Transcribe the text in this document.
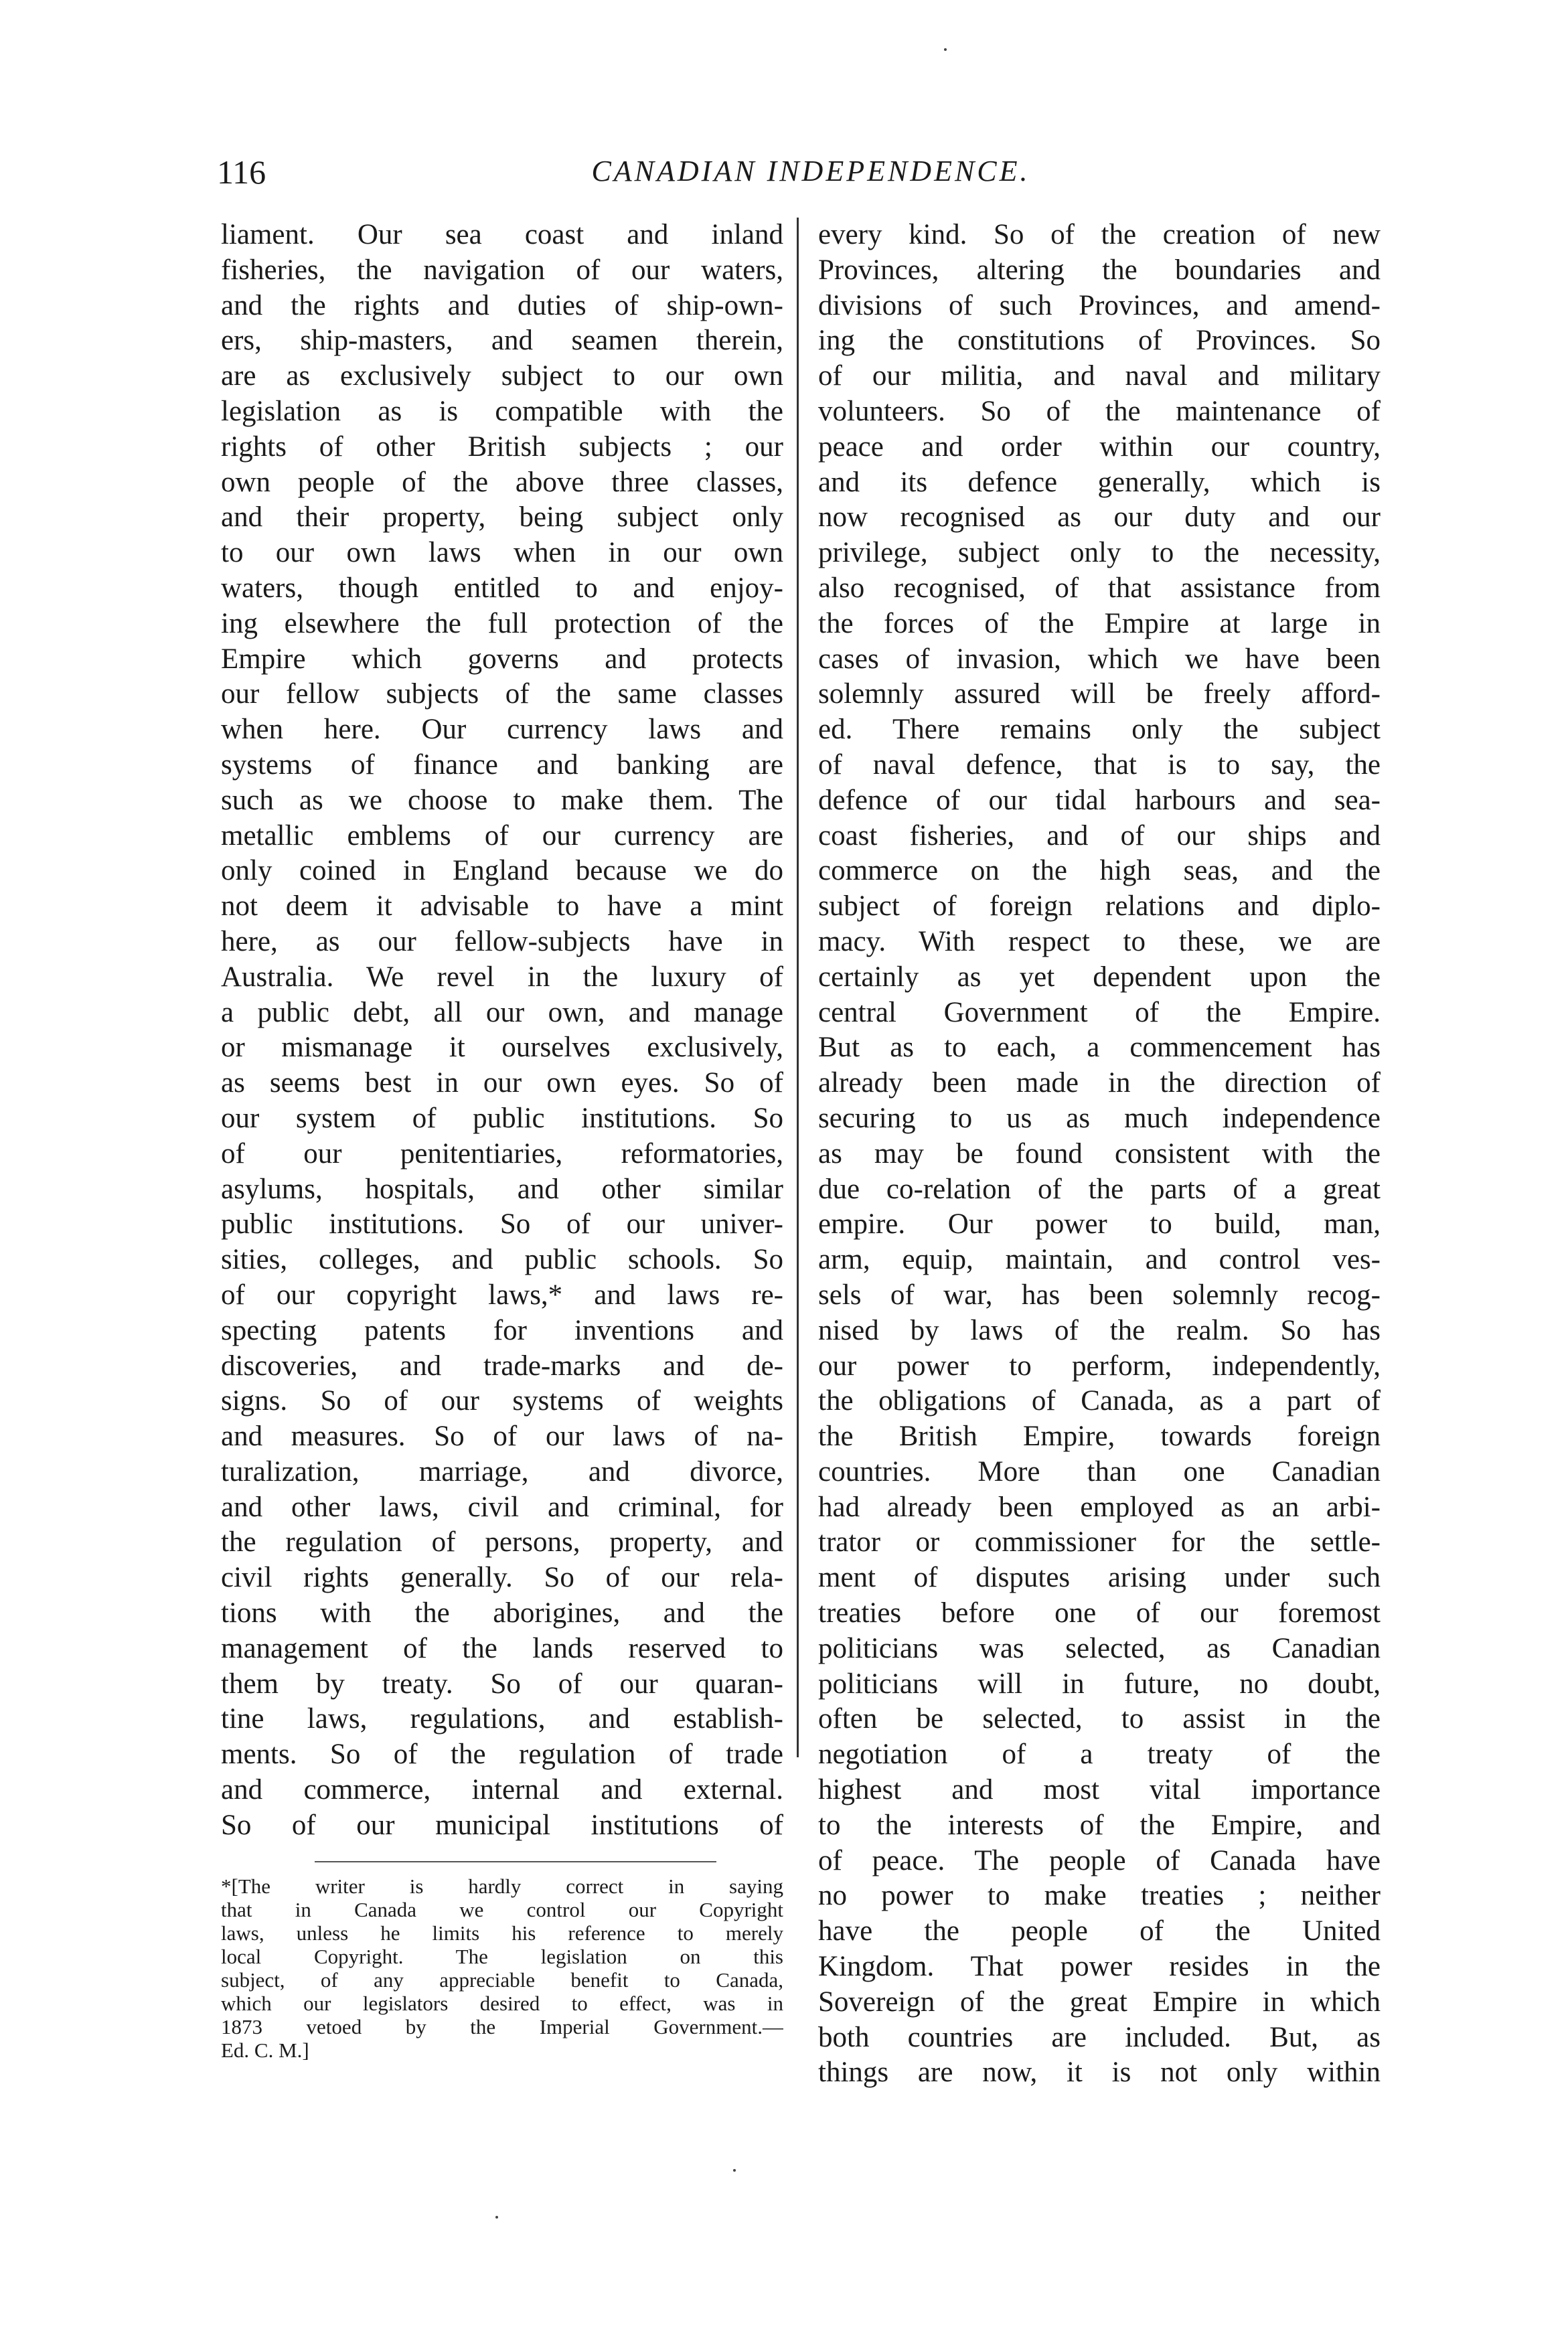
116	CANADIAN INDEPENDENCE.
liament. Our sea coast and inland
fisheries, the navigation of our waters,
and the rights and duties of ship-own-
ers, ship-masters, and seamen therein,
are as exclusively subject to our own
legislation as is compatible with the
rights of other British subjects ; our
own people of the above three classes,
and their property, being subject only
to our own laws when in our own
waters, though entitled to and enjoy-
ing elsewhere the full protection of the
Empire which governs and protects
our fellow subjects of the same classes
when here. Our currency laws and
systems of finance and banking are
such as we choose to make them. The
metallic emblems of our currency are
only coined in England because we do
not deem it advisable to have a mint
here, as our fellow-subjects have in
Australia. We revel in the luxury of
a public debt, all our own, and manage
or mismanage it ourselves exclusively,
as seems best in our own eyes. So of
our system of public institutions. So
of our penitentiaries, reformatories,
asylums, hospitals, and other similar
public institutions. So of our univer-
sities, colleges, and public schools. So
of our copyright laws,* and laws re-
specting patents for inventions and
discoveries, and trade-marks and de-
signs. So of our systems of weights
and measures. So of our laws of na-
turalization, marriage, and divorce,
and other laws, civil and criminal, for
the regulation of persons, property, and
civil rights generally. So of our rela-
tions with the aborigines, and the
management of the lands reserved to
them by treaty. So of our quaran-
tine laws, regulations, and establish-
ments. So of the regulation of trade
and commerce, internal and external.
So of our municipal institutions of
every kind. So of the creation of new
Provinces, altering the boundaries and
divisions of such Provinces, and amend-
ing the constitutions of Provinces. So
of our militia, and naval and military
volunteers. So of the maintenance of
peace and order within our country,
and its defence generally, which is
now recognised as our duty and our
privilege, subject only to the necessity,
also recognised, of that assistance from
the forces of the Empire at large in
cases of invasion, which we have been
solemnly assured will be freely afford-
ed. There remains only the subject
of naval defence, that is to say, the
defence of our tidal harbours and sea-
coast fisheries, and of our ships and
commerce on the high seas, and the
subject of foreign relations and diplo-
macy. With respect to these, we are
certainly as yet dependent upon the
central Government of the Empire.
But as to each, a commencement has
already been made in the direction of
securing to us as much independence
as may be found consistent with the
due co-relation of the parts of a great
empire. Our power to build, man,
arm, equip, maintain, and control ves-
sels of war, has been solemnly recog-
nised by laws of the realm. So has
our power to perform, independently,
the obligations of Canada, as a part of
the British Empire, towards foreign
countries. More than one Canadian
had already been employed as an arbi-
trator or commissioner for the settle-
ment of disputes arising under such
treaties before one of our foremost
politicians was selected, as Canadian
politicians will in future, no doubt,
often be selected, to assist in the
negotiation of a treaty of the
highest and most vital importance
to the interests of the Empire, and
of peace. The people of Canada have
no power to make treaties ; neither
have the people of the United
Kingdom. That power resides in the
Sovereign of the great Empire in which
both countries are included. But, as
things are now, it is not only within
*[The writer is hardly correct in saying
that in Canada we control our Copyright
laws, unless he limits his reference to merely
local Copyright. The legislation on this
subject, of any appreciable benefit to Canada,
which our legislators desired to effect, was in
1873 vetoed by the Imperial Government.—
Ed. C. M.]
